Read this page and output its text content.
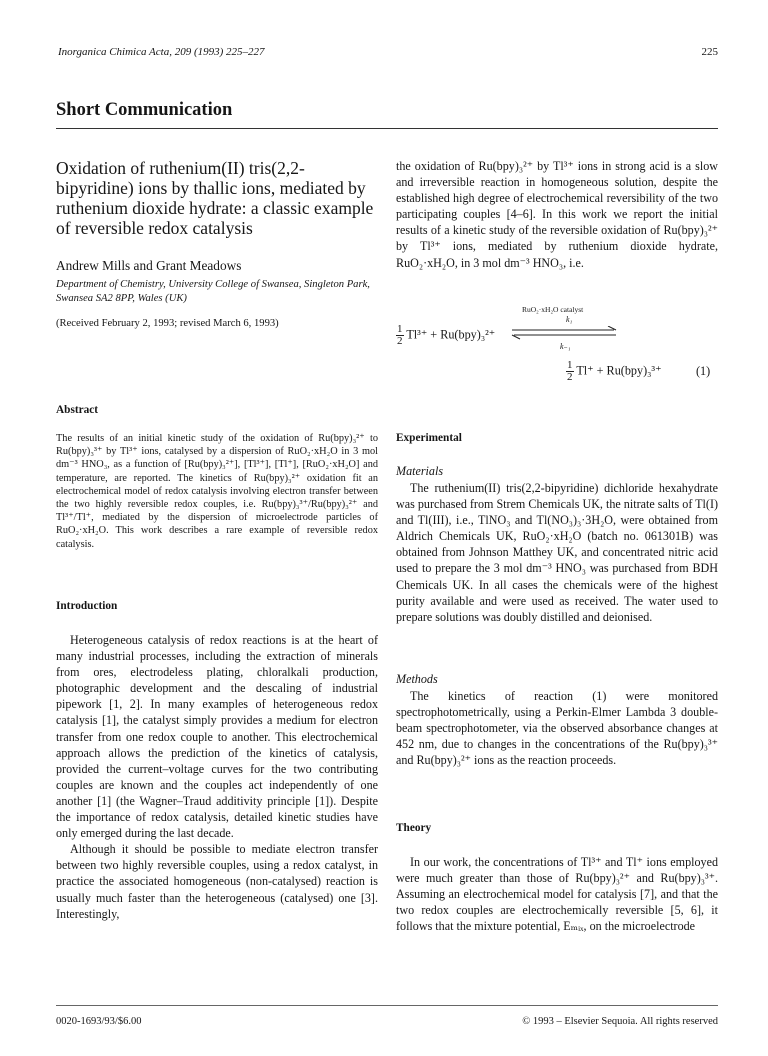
Inorganica Chimica Acta, 209 (1993) 225–227	225
Short Communication
Oxidation of ruthenium(II) tris(2,2-bipyridine) ions by thallic ions, mediated by ruthenium dioxide hydrate: a classic example of reversible redox catalysis
Andrew Mills and Grant Meadows
Department of Chemistry, University College of Swansea, Singleton Park, Swansea SA2 8PP, Wales (UK)
(Received February 2, 1993; revised March 6, 1993)
Abstract
The results of an initial kinetic study of the oxidation of Ru(bpy)₃²⁺ to Ru(bpy)₃³⁺ by Tl³⁺ ions, catalysed by a dispersion of RuO₂·xH₂O in 3 mol dm⁻³ HNO₃, as a function of [Ru(bpy)₃²⁺], [Tl³⁺], [Tl⁺], [RuO₂·xH₂O] and temperature, are reported. The kinetics of Ru(bpy)₃²⁺ oxidation fit an electrochemical model of redox catalysis involving electron transfer between the two highly reversible redox couples, i.e. Ru(bpy)₃³⁺/Ru(bpy)₃²⁺ and Tl³⁺/Tl⁺, mediated by the dispersion of microelectrode particles of RuO₂·xH₂O. This work describes a rare example of reversible redox catalysis.
Introduction

Heterogeneous catalysis of redox reactions is at the heart of many industrial processes, including the extraction of minerals from ores, electrodeless plating, chloralkali production, photographic development and the descaling of industrial pipework [1, 2]. In many examples of heterogeneous redox catalysis [1], the catalyst simply provides a medium for electron transfer from one redox couple to another. This electrochemical approach allows the prediction of the kinetics of catalysis, provided the current–voltage curves for the two contributing couples are known and the couples act independently of one another [1] (the Wagner–Traud additivity principle [1]). Despite the importance of redox catalysis, detailed kinetic studies have only emerged during the last decade.

Although it should be possible to mediate electron transfer between two highly reversible couples, using a redox catalyst, in practice the associated homogeneous (non-catalysed) reaction is usually much faster than the heterogeneous (catalysed) one [3]. Interestingly,

the oxidation of Ru(bpy)₃²⁺ by Tl³⁺ ions in strong acid is a slow and irreversible reaction in homogeneous solution, despite the established high degree of electrochemical reversibility of the two participating couples [4–6]. In this work we report the initial results of a kinetic study of the reversible oxidation of Ru(bpy)₃²⁺ by Tl³⁺ ions, mediated by ruthenium dioxide hydrate, RuO₂·xH₂O, in 3 mol dm⁻³ HNO₃, i.e.
$\frac{1}{2} Tl^{3+} + Ru(bpy)_3^{2+}$
RuO₂·xH₂O catalyst
k₁
k₋₁
$\frac{1}{2} Tl^+ + Ru(bpy)_3^{3+}$	(1)
Experimental
Materials

The ruthenium(II) tris(2,2-bipyridine) dichloride hexahydrate was purchased from Strem Chemicals UK, the nitrate salts of Tl(I) and Tl(III), i.e., TlNO₃ and Tl(NO₃)₃·3H₂O, were obtained from Aldrich Chemicals UK, RuO₂·xH₂O (batch no. 061301B) was obtained from Johnson Matthey UK, and concentrated nitric acid used to prepare the 3 mol dm⁻³ HNO₃ was purchased from BDH Chemicals UK. In all cases the chemicals were of the highest purity available and were used as received. The water used to prepare solutions was doubly distilled and deionised.

Methods

The kinetics of reaction (1) were monitored spectrophotometrically, using a Perkin-Elmer Lambda 3 double-beam spectrophotometer, via the observed absorbance changes at 452 nm, due to changes in the concentrations of the Ru(bpy)₃³⁺ and Ru(bpy)₃²⁺ ions as the reaction proceeds.

Theory

In our work, the concentrations of Tl³⁺ and Tl⁺ ions employed were much greater than those of Ru(bpy)₃²⁺ and Ru(bpy)₃³⁺. Assuming an electrochemical model for catalysis [7], and that the two redox couples are electrochemically reversible [5, 6], it follows that the mixture potential, Eₘᵢₓ, on the microelectrode

0020-1693/93/$6.00	© 1993 – Elsevier Sequoia. All rights reserved
